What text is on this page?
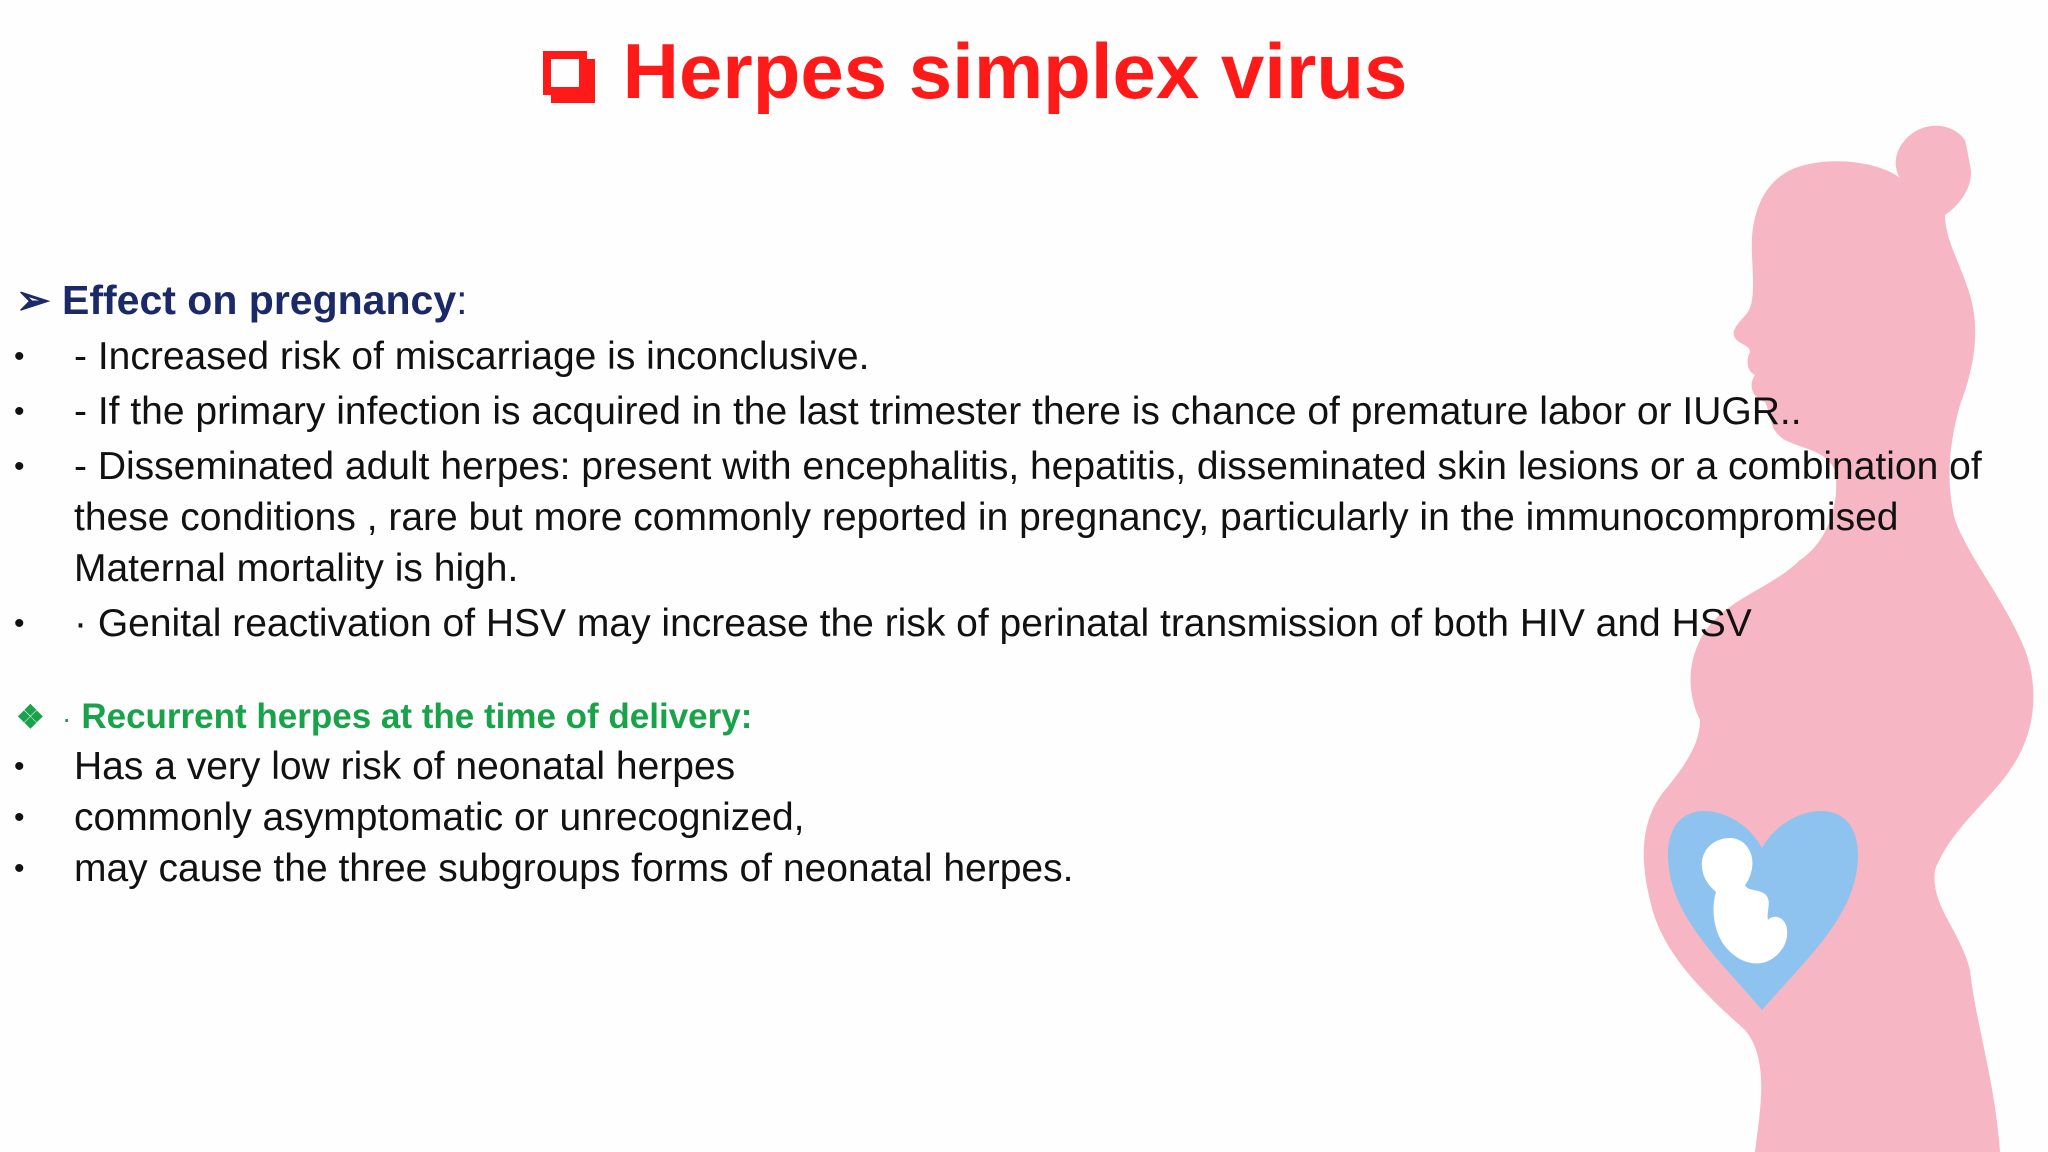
Herpes simplex virus
➢ Effect on pregnancy:
• - Increased risk of miscarriage is inconclusive.
• - If the primary infection is acquired in the last trimester there is chance of premature labor or IUGR..
• - Disseminated adult herpes: present with encephalitis, hepatitis, disseminated skin lesions or a combination of these conditions , rare but more commonly reported in pregnancy, particularly in the immunocompromised Maternal mortality is high.
• · Genital reactivation of HSV may increase the risk of perinatal transmission of both HIV and HSV
❖ · Recurrent herpes at the time of delivery:
• Has a very low risk of neonatal herpes
• commonly asymptomatic or unrecognized,
• may cause the three subgroups forms of neonatal herpes.
